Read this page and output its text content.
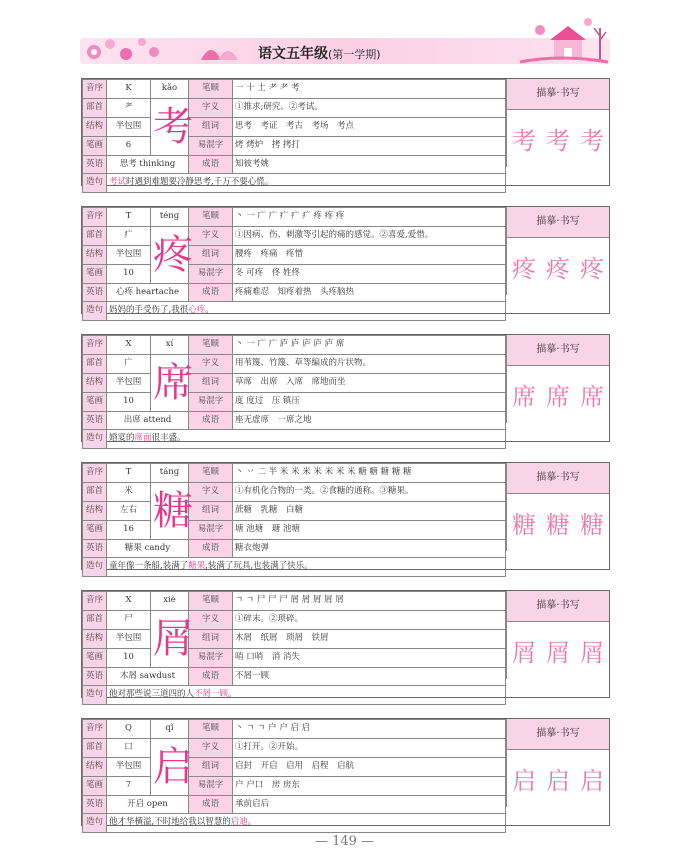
语文五年级(第一学期)
音序	K	kǎo	笔顺	一 十 土 耂 耂 考
部首	耂	考	字义	①推求;研究。②考试。
结构	半包围		组词	思考　考证　考古　考场　考点
笔画	6		易混字	烤 烤炉　拷 拷打
英语	思考 thinking		成语	知彼考姚
造句	考试时遇到难题要冷静思考,千万不要心慌。			
描摹·书写
考 考 考
音序	T	téng	笔顺	丶 一 广 广 疒 疒 疒 疼 疼 疼
部首	疒	疼	字义	①因病、伤、刺激等引起的痛的感觉。②喜爱,爱惜。
结构	半包围		组词	腰疼　疼痛　疼惜
笔画	10		易混字	冬 可疼　佟 姓佟
英语	心疼 heartache		成语	疼痛难忍　知疼着热　头疼脑热
造句	妈妈的手受伤了,我很心疼。			
描摹·书写
疼 疼 疼
音序	X	xí	笔顺	丶 一 广 广 庐 庐 庐 庐 庐 席
部首	广	席	字义	用苇篾、竹篾、草等编成的片状物。
结构	半包围		组词	草席　出席　入席　席地而坐
笔画	10		易混字	度 度过　压 镇压
英语	出席 attend		成语	座无虚席　一席之地
造句	婚宴的席面很丰盛。			
描摹·书写
席 席 席
音序	T	táng	笔顺	丶 丷 二 半 米 米 米 米 米 米 米 糖 糖 糖 糖 糖
部首	米	糖	字义	①有机化合物的一类。②食糖的通称。③糖果。
结构	左右		组词	蔗糖　乳糖　白糖
笔画	16		易混字	塘 池塘　瑭 池塘
英语	糖果 candy		成语	糖衣炮弹
造句	童年像一条船,装满了糖果,装满了玩具,也装满了快乐。			
描摹·书写
糖 糖 糖
音序	X	xiè	笔顺	ㄱ ㄱ 尸 尸 尸 屑 屑 屑 屑 屑
部首	尸	屑	字义	①碎末。②琐碎。
结构	半包围		组词	木屑　纸屑　琐屑　铁屑
笔画	10		易混字	哨 口哨　消 消失
英语	木屑 sawdust		成语	不屑一顾
造句	他对那些说三道四的人不屑一顾。			
描摹·书写
屑 屑 屑
音序	Q	qǐ	笔顺	丶 ㄱ ㄱ 户 户 启 启
部首	口	启	字义	①打开。②开始。
结构	半包围		组词	启封　开启　启用　启程　启航
笔画	7		易混字	户 户口　房 房东
英语	开启 open		成语	承前启后
造句	他才华横溢,不时地给我以智慧的启迪。			
描摹·书写
启 启 启
— 149 —
